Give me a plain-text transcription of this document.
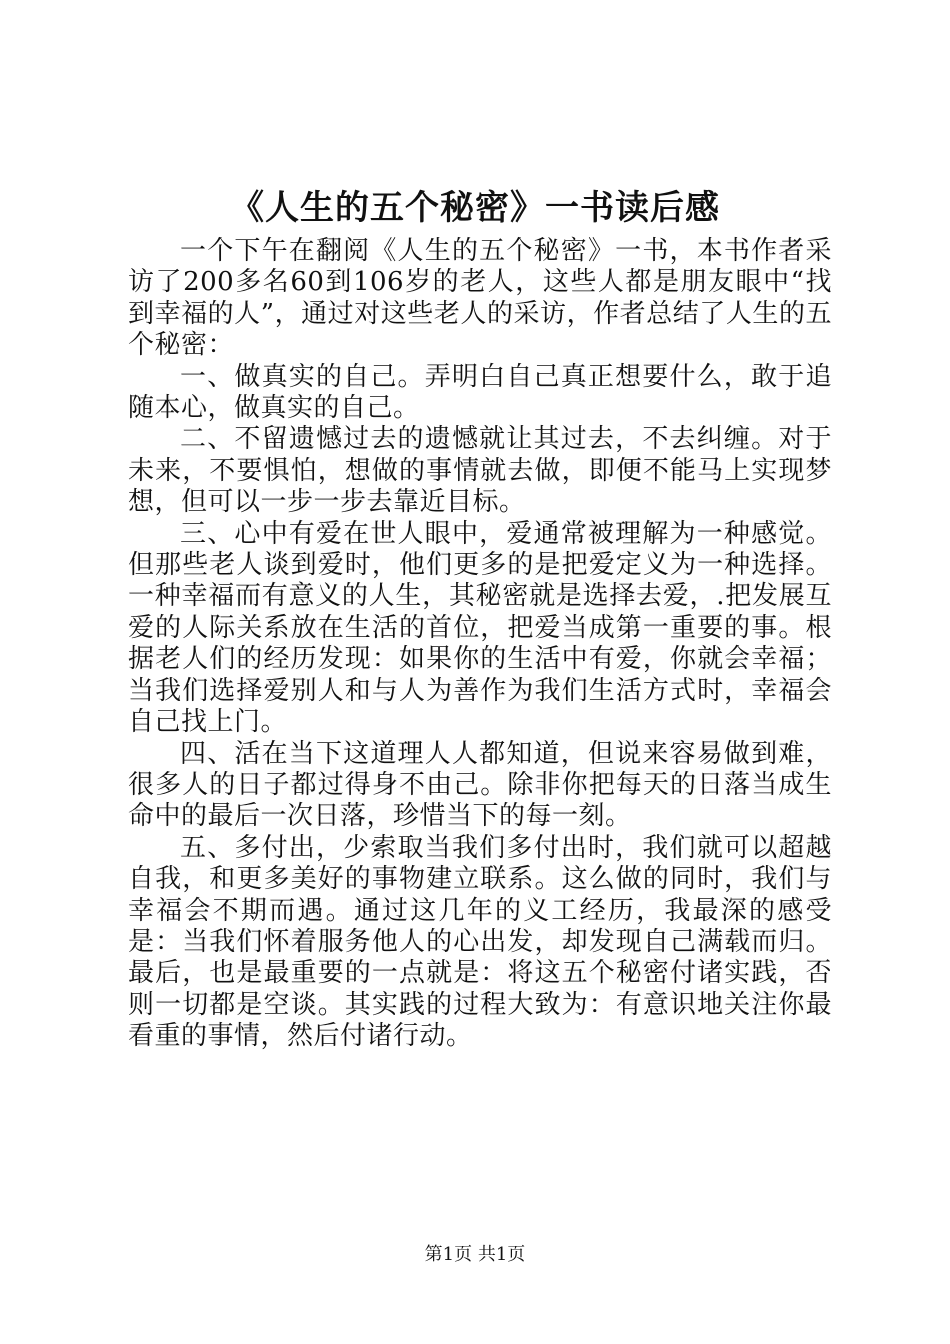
《人生的五个秘密》一书读后感

一个下午在翻阅《人生的五个秘密》一书，本书作者采访了200多名60到106岁的老人，这些人都是朋友眼中“找到幸福的人”，通过对这些老人的采访，作者总结了人生的五个秘密：

一、做真实的自己。弄明白自己真正想要什么，敢于追随本心，做真实的自己。

二、不留遗憾过去的遗憾就让其过去，不去纠缠。对于未来，不要惧怕，想做的事情就去做，即便不能马上实现梦想，但可以一步一步去靠近目标。

三、心中有爱在世人眼中，爱通常被理解为一种感觉。但那些老人谈到爱时，他们更多的是把爱定义为一种选择。一种幸福而有意义的人生，其秘密就是选择去爱，.把发展互爱的人际关系放在生活的首位，把爱当成第一重要的事。根据老人们的经历发现：如果你的生活中有爱，你就会幸福；当我们选择爱别人和与人为善作为我们生活方式时，幸福会自己找上门。

四、活在当下这道理人人都知道，但说来容易做到难，很多人的日子都过得身不由己。除非你把每天的日落当成生命中的最后一次日落，珍惜当下的每一刻。

五、多付出，少索取当我们多付出时，我们就可以超越自我，和更多美好的事物建立联系。这么做的同时，我们与幸福会不期而遇。通过这几年的义工经历，我最深的感受是：当我们怀着服务他人的心出发，却发现自己满载而归。最后，也是最重要的一点就是：将这五个秘密付诸实践，否则一切都是空谈。其实践的过程大致为：有意识地关注你最看重的事情，然后付诸行动。

第1页 共1页
